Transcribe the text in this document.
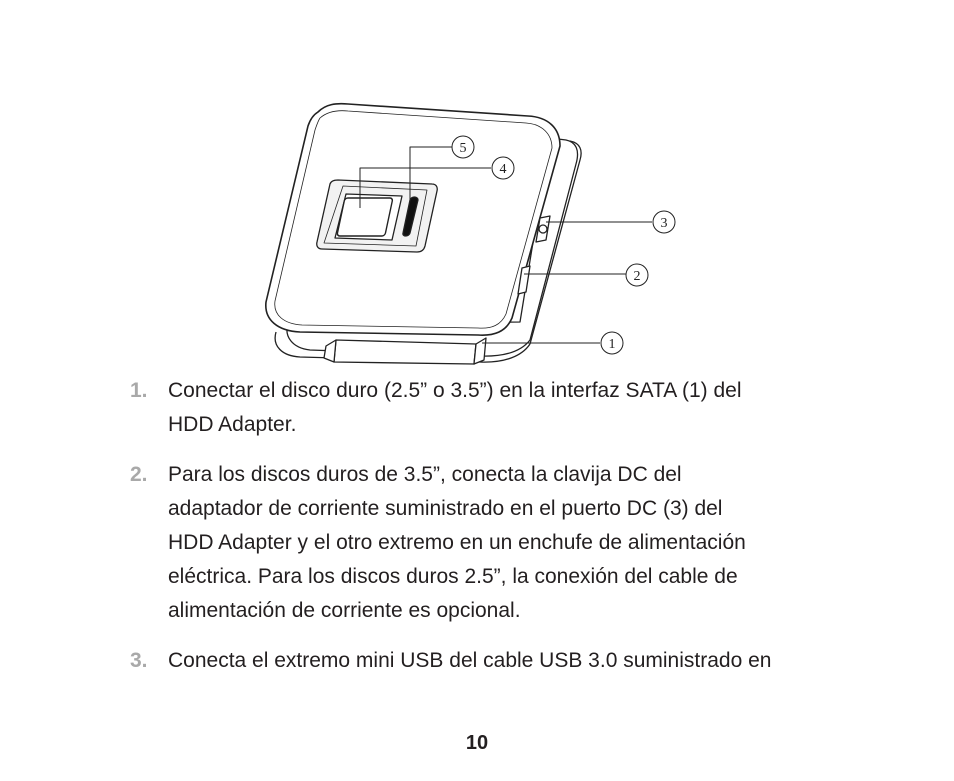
5
4
3
2
1
1. Conectar el disco duro (2.5” o 3.5”) en la interfaz SATA (1) del
HDD Adapter.
2. Para los discos duros de 3.5”, conecta la clavija DC del
adaptador de corriente suministrado en el puerto DC (3) del
HDD Adapter y el otro extremo en un enchufe de alimentación
eléctrica. Para los discos duros 2.5”, la conexión del cable de
alimentación de corriente es opcional.
3. Conecta el extremo mini USB del cable USB 3.0 suministrado en
10
